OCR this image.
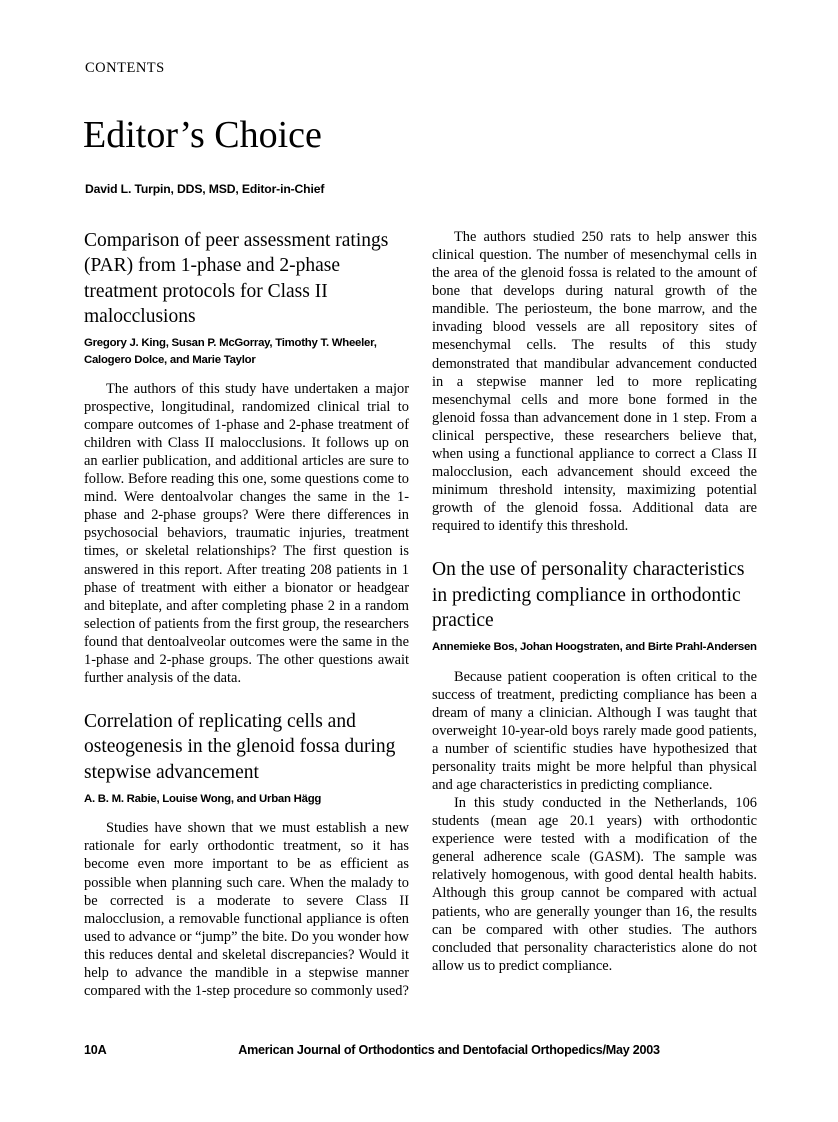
CONTENTS
Editor’s Choice
David L. Turpin, DDS, MSD, Editor-in-Chief
Comparison of peer assessment ratings (PAR) from 1-phase and 2-phase treatment protocols for Class II malocclusions
Gregory J. King, Susan P. McGorray, Timothy T. Wheeler, Calogero Dolce, and Marie Taylor

The authors of this study have undertaken a major prospective, longitudinal, randomized clinical trial to compare outcomes of 1-phase and 2-phase treatment of children with Class II malocclusions. It follows up on an earlier publication, and additional articles are sure to follow. Before reading this one, some questions come to mind. Were dentoalvolar changes the same in the 1-phase and 2-phase groups? Were there differences in psychosocial behaviors, traumatic injuries, treatment times, or skeletal relationships? The first question is answered in this report. After treating 208 patients in 1 phase of treatment with either a bionator or headgear and biteplate, and after completing phase 2 in a random selection of patients from the first group, the researchers found that dentoalveolar outcomes were the same in the 1-phase and 2-phase groups. The other questions await further analysis of the data.

Correlation of replicating cells and osteogenesis in the glenoid fossa during stepwise advancement
A. B. M. Rabie, Louise Wong, and Urban Hägg

Studies have shown that we must establish a new rationale for early orthodontic treatment, so it has become even more important to be as efficient as possible when planning such care. When the malady to be corrected is a moderate to severe Class II malocclusion, a removable functional appliance is often used to advance or “jump” the bite. Do you wonder how this reduces dental and skeletal discrepancies? Would it help to advance the mandible in a stepwise manner compared with the 1-step procedure so commonly used?

The authors studied 250 rats to help answer this clinical question. The number of mesenchymal cells in the area of the glenoid fossa is related to the amount of bone that develops during natural growth of the mandible. The periosteum, the bone marrow, and the invading blood vessels are all repository sites of mesenchymal cells. The results of this study demonstrated that mandibular advancement conducted in a stepwise manner led to more replicating mesenchymal cells and more bone formed in the glenoid fossa than advancement done in 1 step. From a clinical perspective, these researchers believe that, when using a functional appliance to correct a Class II malocclusion, each advancement should exceed the minimum threshold intensity, maximizing potential growth of the glenoid fossa. Additional data are required to identify this threshold.

On the use of personality characteristics in predicting compliance in orthodontic practice
Annemieke Bos, Johan Hoogstraten, and Birte Prahl-Andersen

Because patient cooperation is often critical to the success of treatment, predicting compliance has been a dream of many a clinician. Although I was taught that overweight 10-year-old boys rarely made good patients, a number of scientific studies have hypothesized that personality traits might be more helpful than physical and age characteristics in predicting compliance.

In this study conducted in the Netherlands, 106 students (mean age 20.1 years) with orthodontic experience were tested with a modification of the general adherence scale (GASM). The sample was relatively homogenous, with good dental health habits. Although this group cannot be compared with actual patients, who are generally younger than 16, the results can be compared with other studies. The authors concluded that personality characteristics alone do not allow us to predict compliance.

10A	American Journal of Orthodontics and Dentofacial Orthopedics/May 2003
